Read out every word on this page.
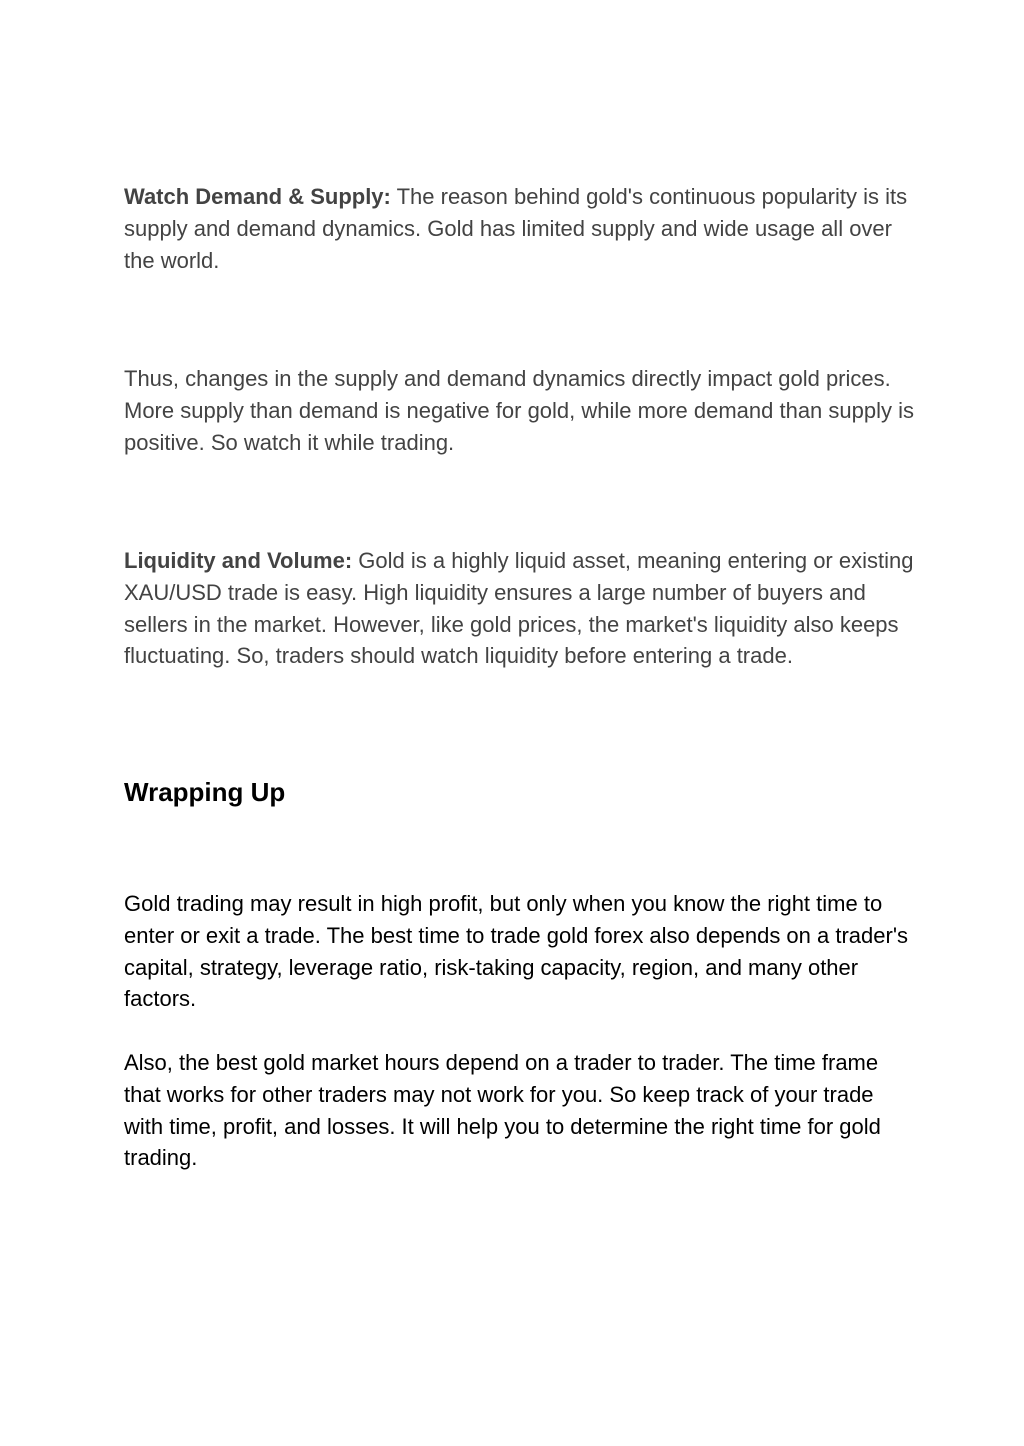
Watch Demand & Supply: The reason behind gold's continuous popularity is its supply and demand dynamics. Gold has limited supply and wide usage all over the world.

Thus, changes in the supply and demand dynamics directly impact gold prices. More supply than demand is negative for gold, while more demand than supply is positive. So watch it while trading.

Liquidity and Volume: Gold is a highly liquid asset, meaning entering or existing XAU/USD trade is easy. High liquidity ensures a large number of buyers and sellers in the market. However, like gold prices, the market's liquidity also keeps fluctuating. So, traders should watch liquidity before entering a trade.

Wrapping Up

Gold trading may result in high profit, but only when you know the right time to enter or exit a trade. The best time to trade gold forex also depends on a trader's capital, strategy, leverage ratio, risk-taking capacity, region, and many other factors.

Also, the best gold market hours depend on a trader to trader. The time frame that works for other traders may not work for you. So keep track of your trade with time, profit, and losses. It will help you to determine the right time for gold trading.
